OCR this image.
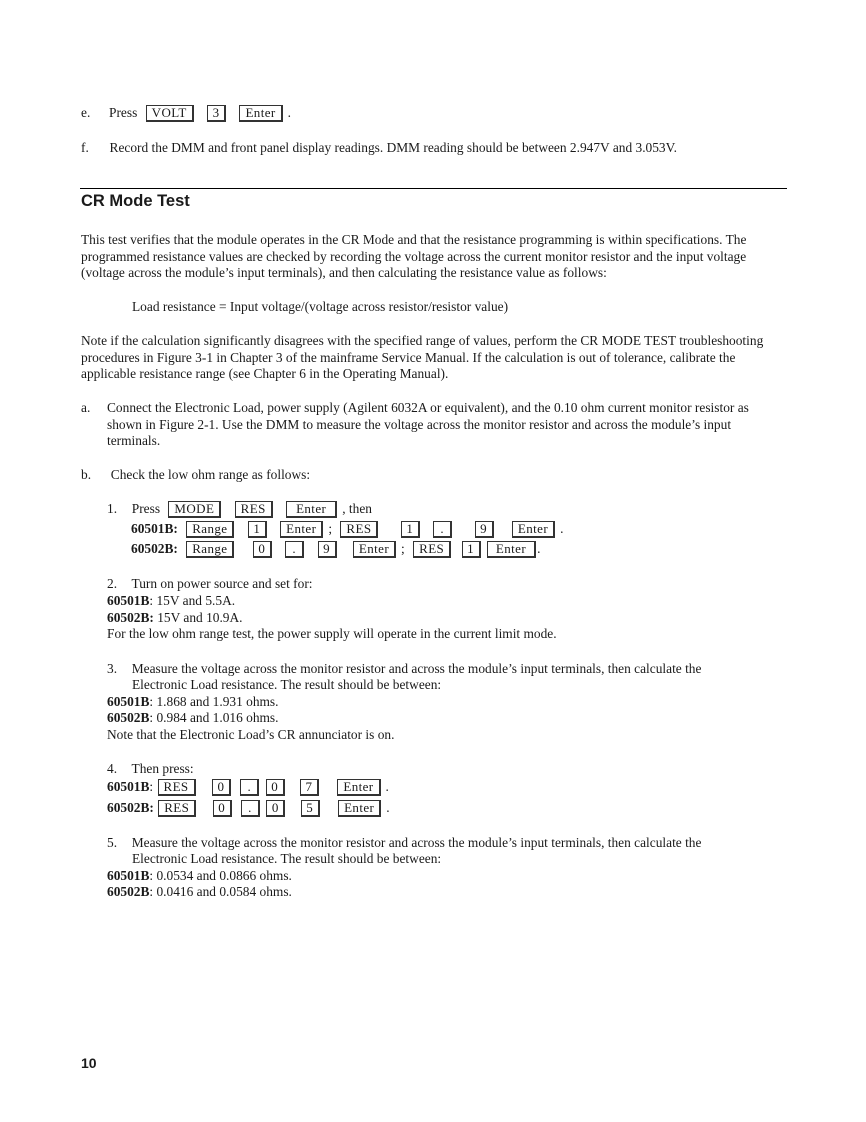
e. Press VOLT 3 Enter .
f. Record the DMM and front panel display readings. DMM reading should be between 2.947V and 3.053V.
CR Mode Test
This test verifies that the module operates in the CR Mode and that the resistance programming is within specifications. The programmed resistance values are checked by recording the voltage across the current monitor resistor and the input voltage (voltage across the module’s input terminals), and then calculating the resistance value as follows:
Load resistance = Input voltage/(voltage across resistor/resistor value)
Note if the calculation significantly disagrees with the specified range of values, perform the CR MODE TEST troubleshooting procedures in Figure 3-1 in Chapter 3 of the mainframe Service Manual. If the calculation is out of tolerance, calibrate the applicable resistance range (see Chapter 6 in the Operating Manual).
a. Connect the Electronic Load, power supply (Agilent 6032A or equivalent), and the 0.10 ohm current monitor resistor as shown in Figure 2-1. Use the DMM to measure the voltage across the monitor resistor and across the module’s input terminals.
b. Check the low ohm range as follows:
1. Press MODE RES Enter , then
60501B: Range 1 Enter ; RES	1 .	9 Enter .
60502B: Range 0 . 9 Enter ; RES 1 Enter .
2. Turn on power source and set for:
60501B: 15V and 5.5A.
60502B: 15V and 10.9A.
For the low ohm range test, the power supply will operate in the current limit mode.
3. Measure the voltage across the monitor resistor and across the module’s input terminals, then calculate the
Electronic Load resistance. The result should be between:
60501B: 1.868 and 1.931 ohms.
60502B: 0.984 and 1.016 ohms.
Note that the Electronic Load’s CR annunciator is on.
4. Then press:
60501B: RES 0 . 0 7 Enter .
60502B: RES 0 . 0 5 Enter .
5. Measure the voltage across the monitor resistor and across the module’s input terminals, then calculate the
Electronic Load resistance. The result should be between:
60501B: 0.0534 and 0.0866 ohms.
60502B: 0.0416 and 0.0584 ohms.
10
